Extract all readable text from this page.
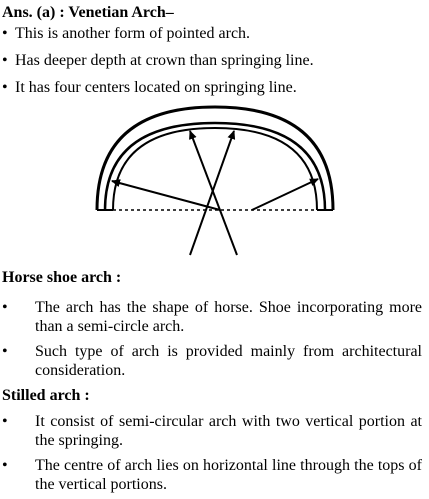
Ans. (a) : Venetian Arch–
• This is another form of pointed arch.
• Has deeper depth at crown than springing line.
• It has four centers located on springing line.
Horse shoe arch :
• The arch has the shape of horse. Shoe incorporating more than a semi-circle arch.
• Such type of arch is provided mainly from architectural consideration.
Stilled arch :
• It consist of semi-circular arch with two vertical portion at the springing.
• The centre of arch lies on horizontal line through the tops of the vertical portions.
